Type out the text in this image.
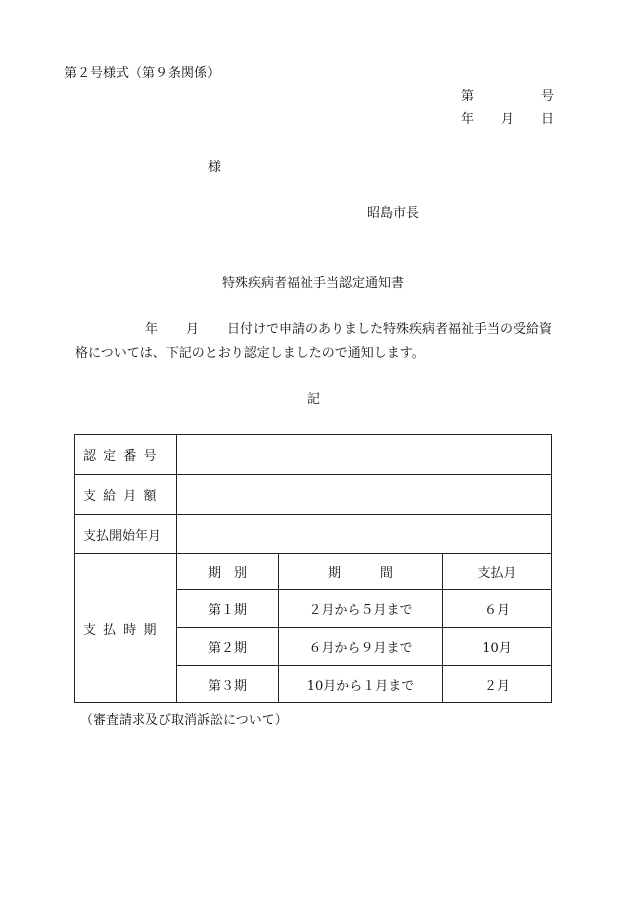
第２号様式（第９条関係）
第	号
年 月 日
様
昭島市長
特殊疾病者福祉手当認定通知書
年 月 日付けで申請のありました特殊疾病者福祉手当の受給資
格については、下記のとおり認定しましたので通知します。
記
認定番号			
支給月額			
支払開始年月			
支払時期	期　別	期　　　間	支払月
	第１期	２月から５月まで	６月
	第２期	６月から９月まで	10月
	第３期	10月から１月まで	２月
（審査請求及び取消訴訟について）
